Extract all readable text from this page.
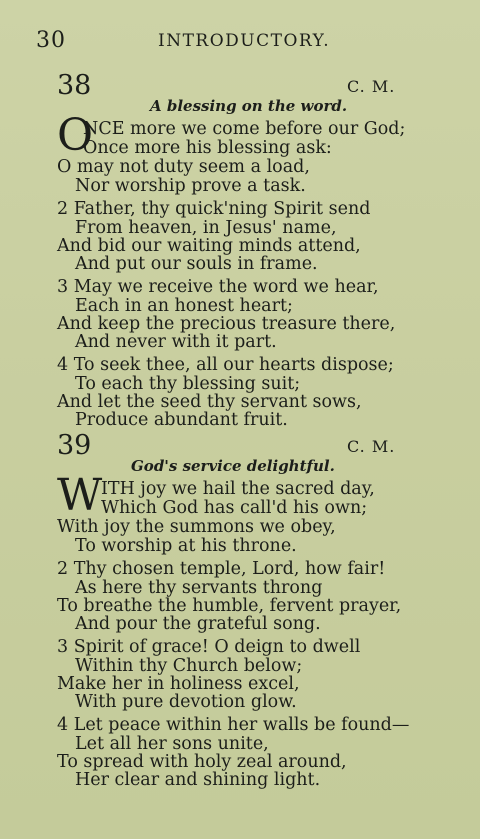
30	INTRODUCTORY.
38	C. M.
A blessing on the word.
O
NCE more we come before our God;
Once more his blessing ask:
O may not duty seem a load,
Nor worship prove a task.
2 Father, thy quick'ning Spirit send
From heaven, in Jesus' name,
And bid our waiting minds attend,
And put our souls in frame.
3 May we receive the word we hear,
Each in an honest heart;
And keep the precious treasure there,
And never with it part.
4 To seek thee, all our hearts dispose;
To each thy blessing suit;
And let the seed thy servant sows,
Produce abundant fruit.
39	C. M.
God's service delightful.
W
ITH joy we hail the sacred day,
Which God has call'd his own;
With joy the summons we obey,
To worship at his throne.
2 Thy chosen temple, Lord, how fair!
As here thy servants throng
To breathe the humble, fervent prayer,
And pour the grateful song.
3 Spirit of grace! O deign to dwell
Within thy Church below;
Make her in holiness excel,
With pure devotion glow.
4 Let peace within her walls be found—
Let all her sons unite,
To spread with holy zeal around,
Her clear and shining light.
